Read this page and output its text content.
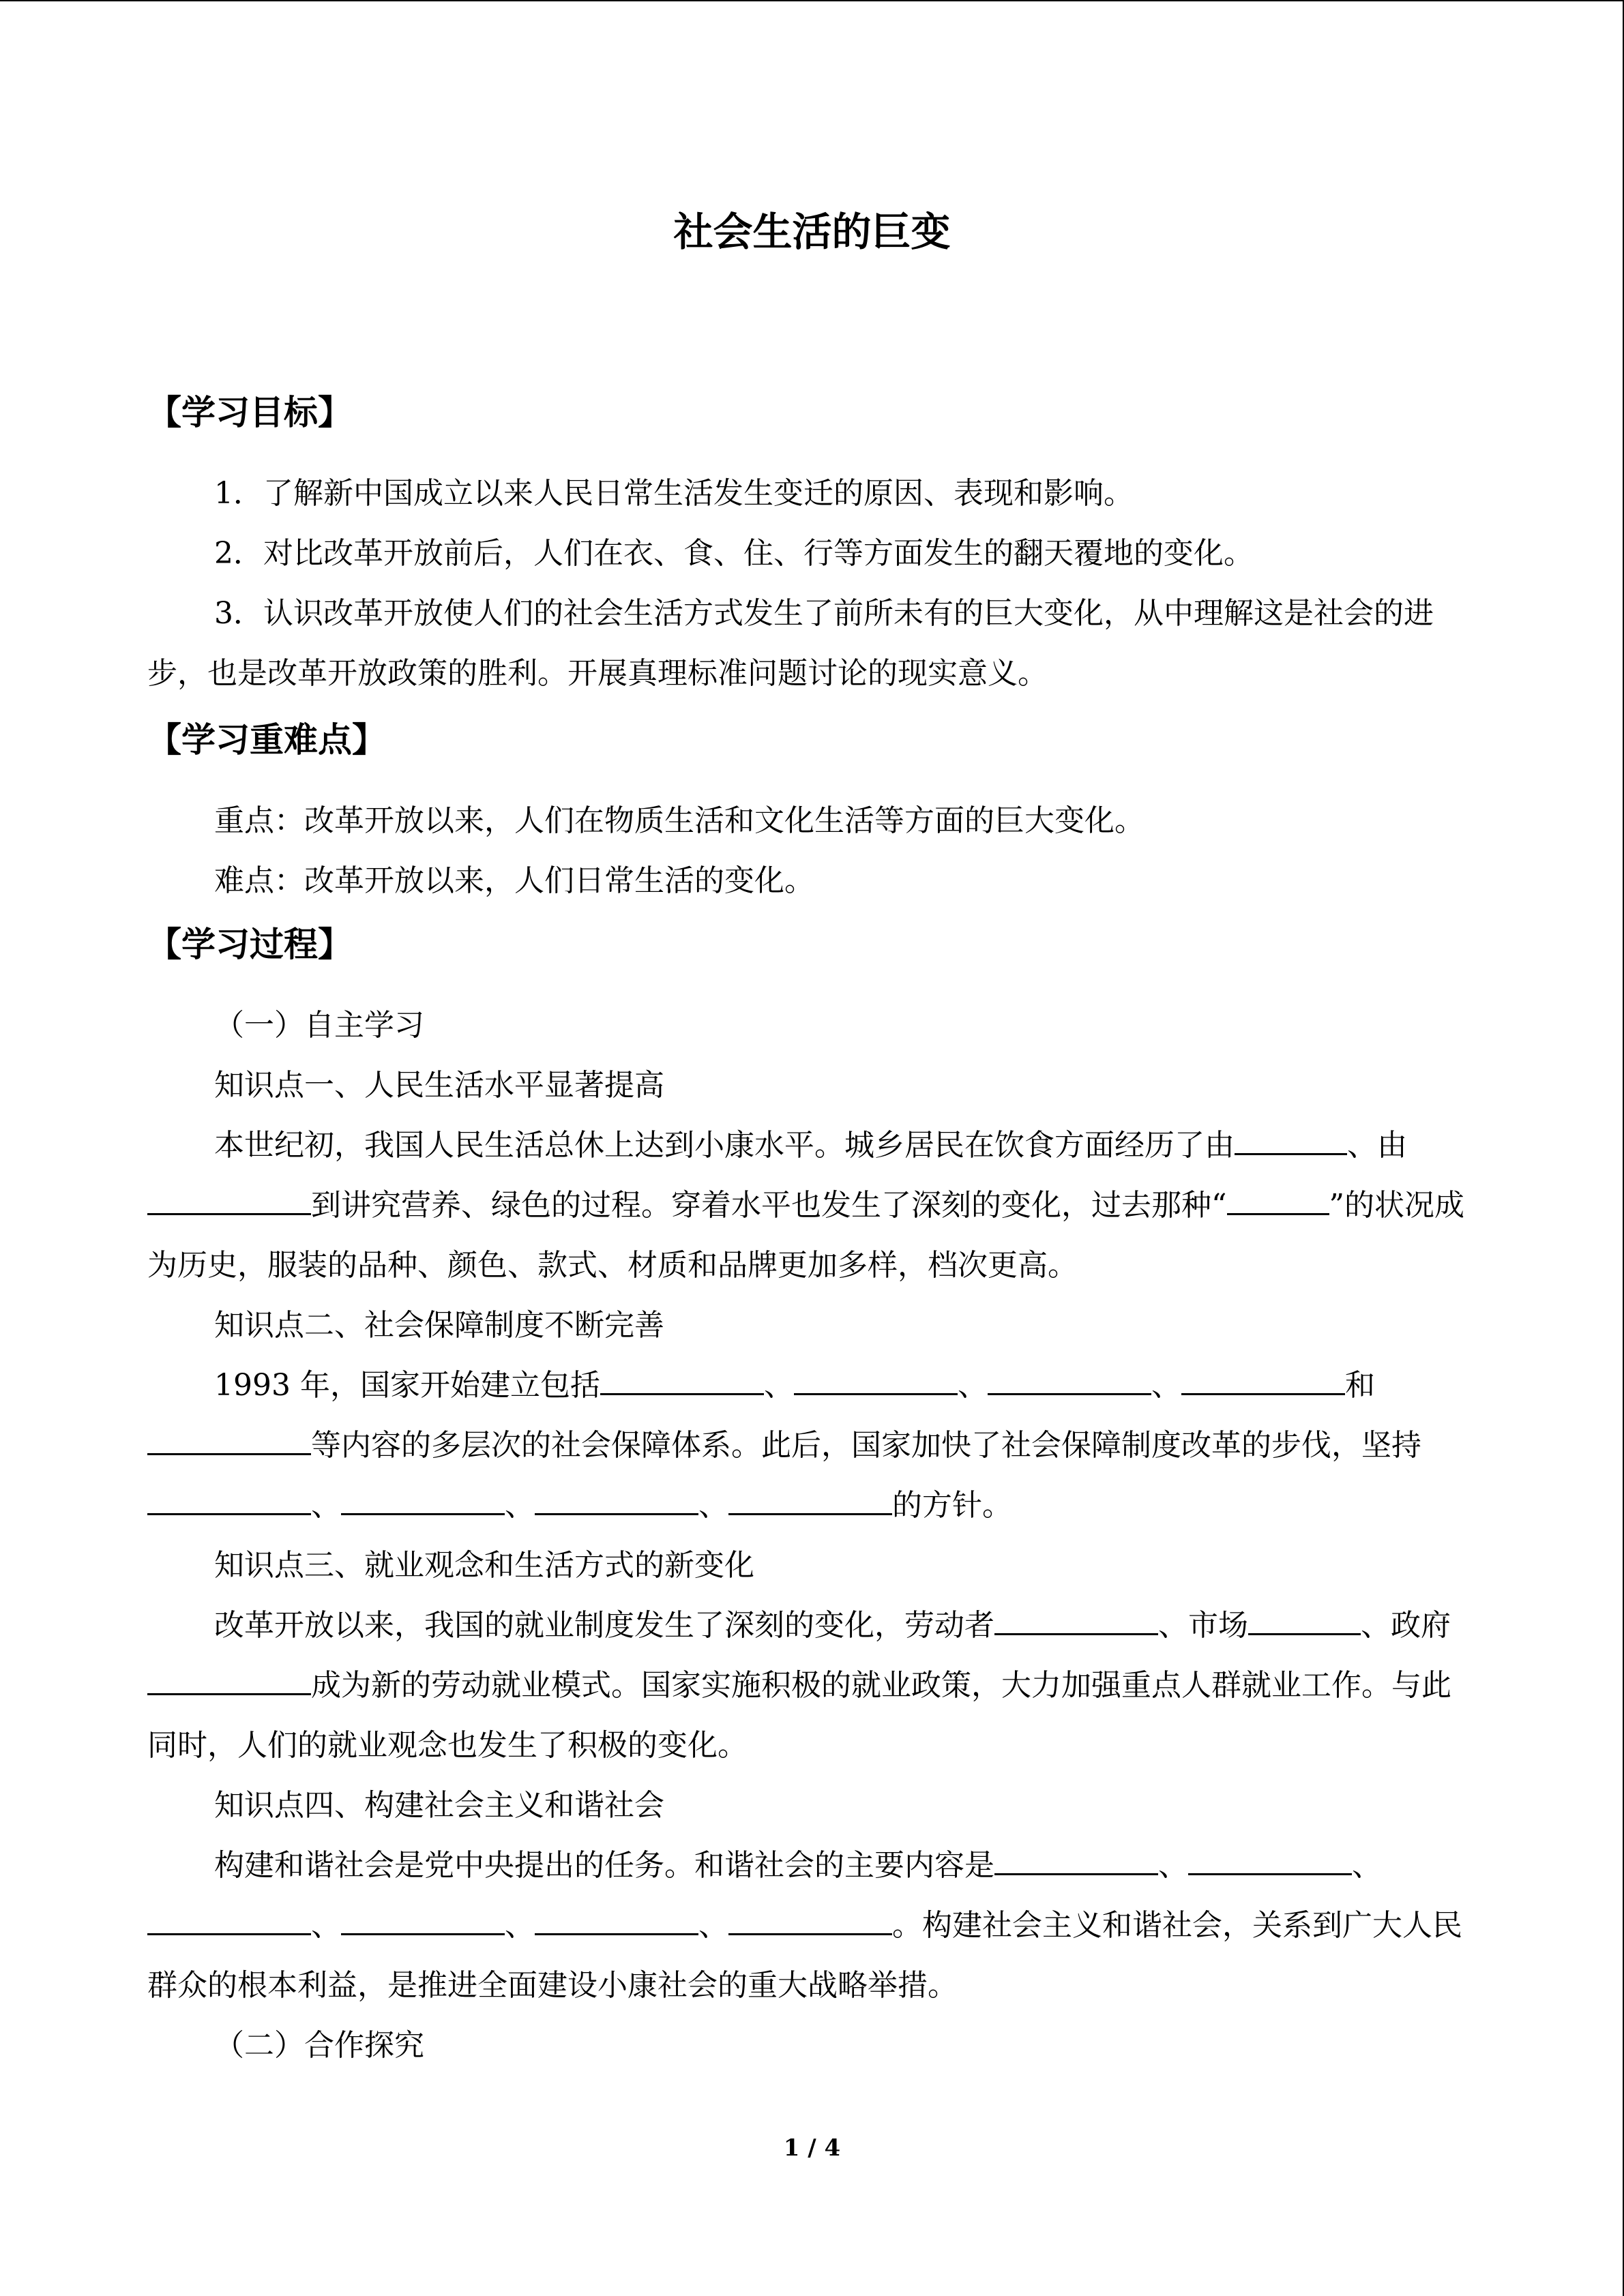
社会生活的巨变
【学习目标】
1．了解新中国成立以来人民日常生活发生变迁的原因、表现和影响。
2．对比改革开放前后，人们在衣、食、住、行等方面发生的翻天覆地的变化。
3．认识改革开放使人们的社会生活方式发生了前所未有的巨大变化，从中理解这是社会的进步，也是改革开放政策的胜利。开展真理标准问题讨论的现实意义。
【学习重难点】
重点：改革开放以来，人们在物质生活和文化生活等方面的巨大变化。
难点：改革开放以来，人们日常生活的变化。
【学习过程】
（一）自主学习
知识点一、人民生活水平显著提高
本世纪初，我国人民生活总休上达到小康水平。城乡居民在饮食方面经历了由	、由到讲究营养、绿色的过程。穿着水平也发生了深刻的变化，过去那种“	”的状况成为历史，服装的品种、颜色、款式、材质和品牌更加多样，档次更高。
知识点二、社会保障制度不断完善
1993 年，国家开始建立包括	、	、	、	和等内容的多层次的社会保障体系。此后，国家加快了社会保障制度改革的步伐，坚持、	、	、	的方针。
知识点三、就业观念和生活方式的新变化
改革开放以来，我国的就业制度发生了深刻的变化，劳动者	、市场	、政府成为新的劳动就业模式。国家实施积极的就业政策，大力加强重点人群就业工作。与此同时，人们的就业观念也发生了积极的变化。
知识点四、构建社会主义和谐社会
构建和谐社会是党中央提出的任务。和谐社会的主要内容是	、	、、	、	、	。构建社会主义和谐社会，关系到广大人民群众的根本利益，是推进全面建设小康社会的重大战略举措。
（二）合作探究
1 / 4
